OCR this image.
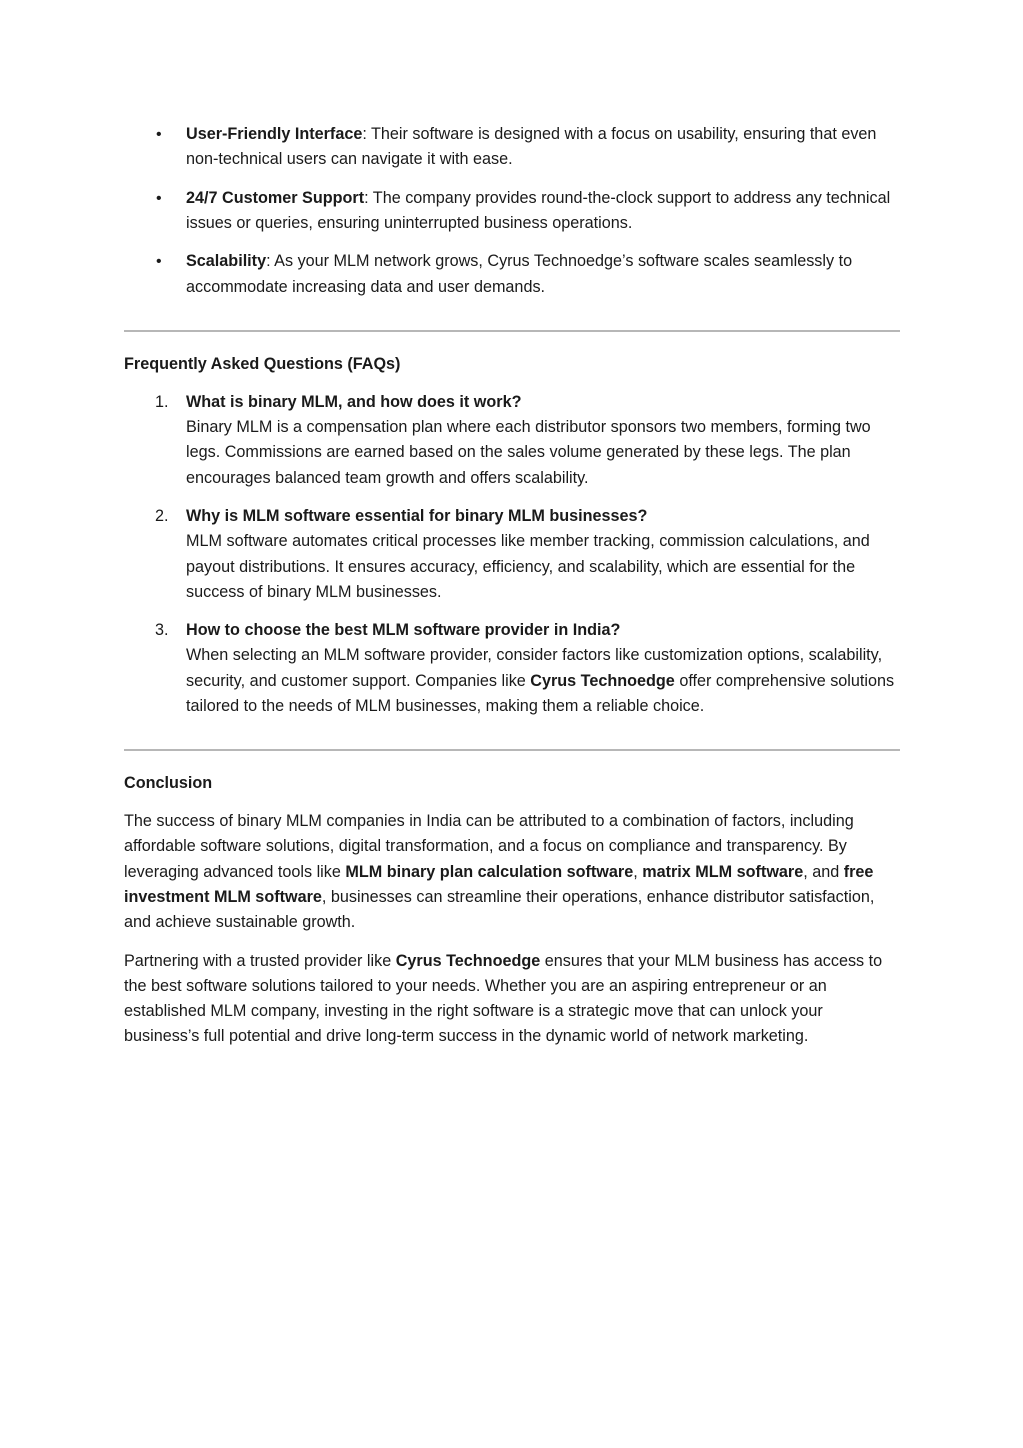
• User-Friendly Interface: Their software is designed with a focus on usability, ensuring that even non-technical users can navigate it with ease.
• 24/7 Customer Support: The company provides round-the-clock support to address any technical issues or queries, ensuring uninterrupted business operations.
• Scalability: As your MLM network grows, Cyrus Technoedge’s software scales seamlessly to accommodate increasing data and user demands.

Frequently Asked Questions (FAQs)

1. What is binary MLM, and how does it work?
Binary MLM is a compensation plan where each distributor sponsors two members, forming two legs. Commissions are earned based on the sales volume generated by these legs. The plan encourages balanced team growth and offers scalability.
2. Why is MLM software essential for binary MLM businesses?
MLM software automates critical processes like member tracking, commission calculations, and payout distributions. It ensures accuracy, efficiency, and scalability, which are essential for the success of binary MLM businesses.
3. How to choose the best MLM software provider in India?
When selecting an MLM software provider, consider factors like customization options, scalability, security, and customer support. Companies like Cyrus Technoedge offer comprehensive solutions tailored to the needs of MLM businesses, making them a reliable choice.

Conclusion

The success of binary MLM companies in India can be attributed to a combination of factors, including affordable software solutions, digital transformation, and a focus on compliance and transparency. By leveraging advanced tools like MLM binary plan calculation software, matrix MLM software, and free investment MLM software, businesses can streamline their operations, enhance distributor satisfaction, and achieve sustainable growth.

Partnering with a trusted provider like Cyrus Technoedge ensures that your MLM business has access to the best software solutions tailored to your needs. Whether you are an aspiring entrepreneur or an established MLM company, investing in the right software is a strategic move that can unlock your business’s full potential and drive long-term success in the dynamic world of network marketing.
